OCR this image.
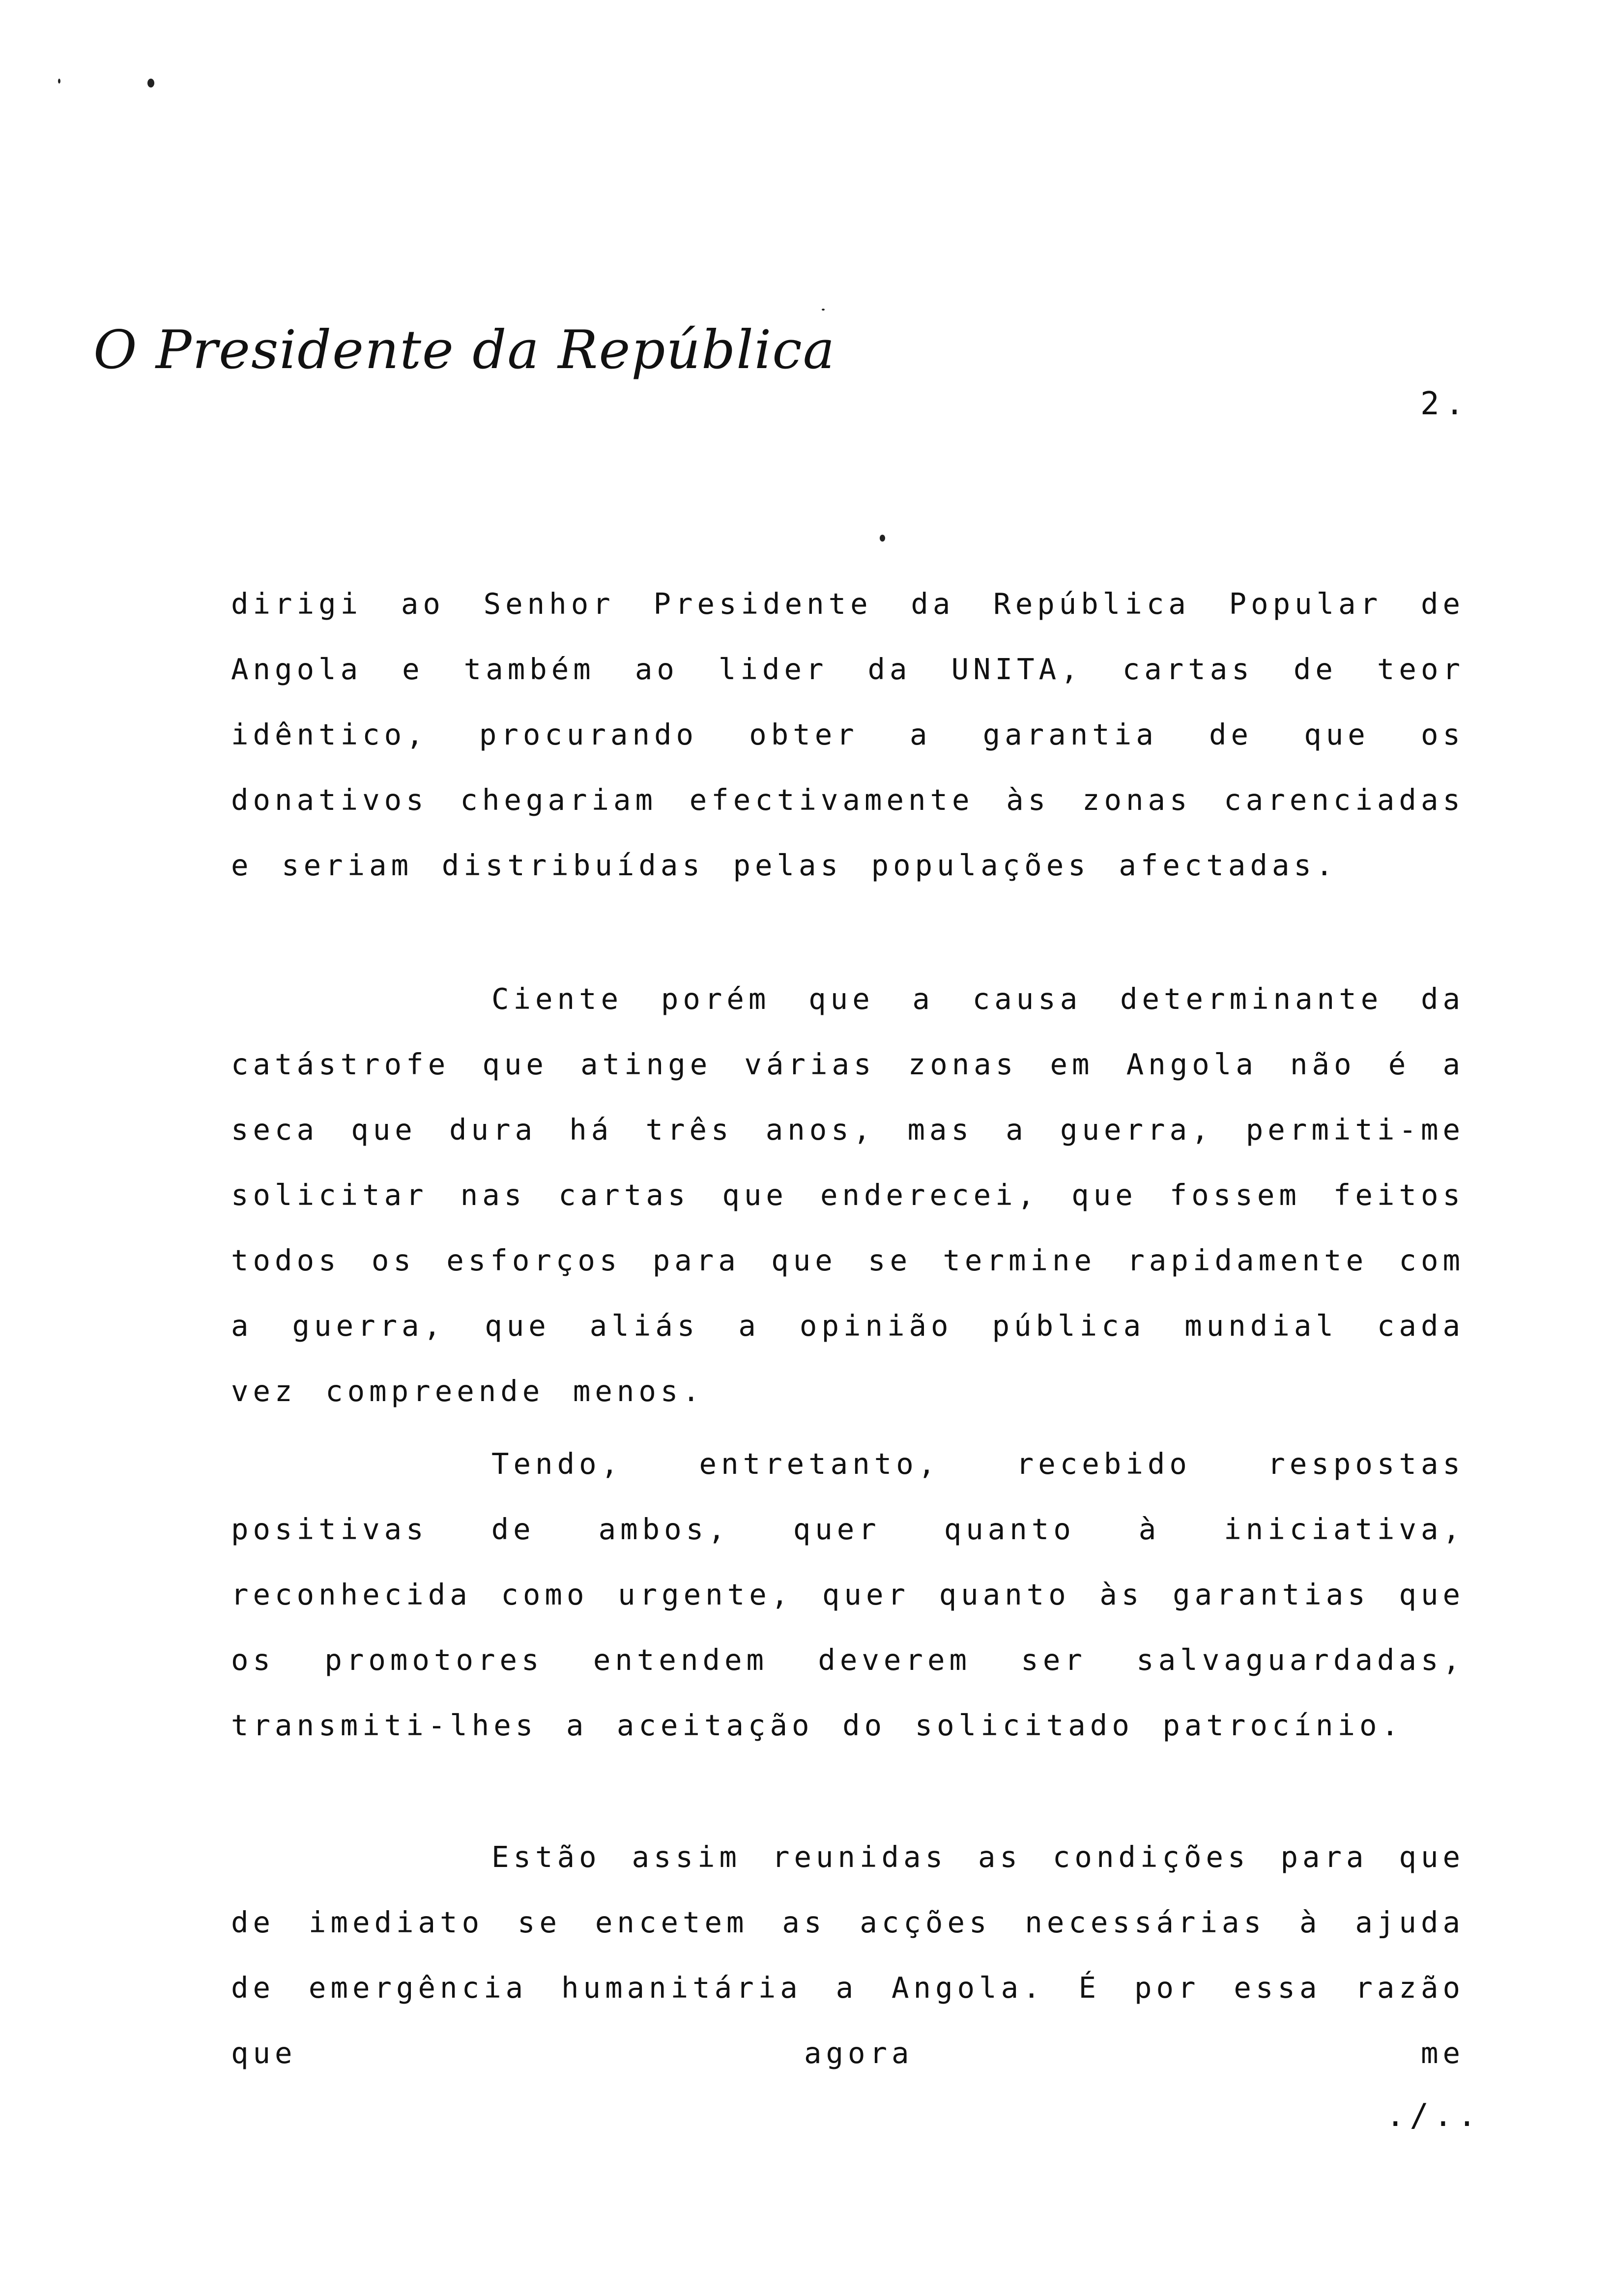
O Presidente da República
2.

dirigi ao Senhor Presidente da República Popular de Angola e também ao lider da UNITA, cartas de teor idêntico, procurando obter a garantia de que os donativos chegariam efectivamente às zonas carenciadas e seriam distribuídas pelas populações afectadas.

Ciente porém que a causa determinante da catástrofe que atinge várias zonas em Angola não é a seca que dura há três anos, mas a guerra, permiti-me solicitar nas cartas que enderecei, que fossem feitos todos os esforços para que se termine rapidamente com a guerra, que aliás a opinião pública mundial cada vez compreende menos.

Tendo, entretanto, recebido respostas positivas de ambos, quer quanto à iniciativa, reconhecida como urgente, quer quanto às garantias que os promotores entendem deverem ser salvaguardadas, transmiti-lhes a aceitação do solicitado patrocínio.

Estão assim reunidas as condições para que de imediato se encetem as acções necessárias à ajuda de emergência humanitária a Angola. É por essa razão que agora me

./..
